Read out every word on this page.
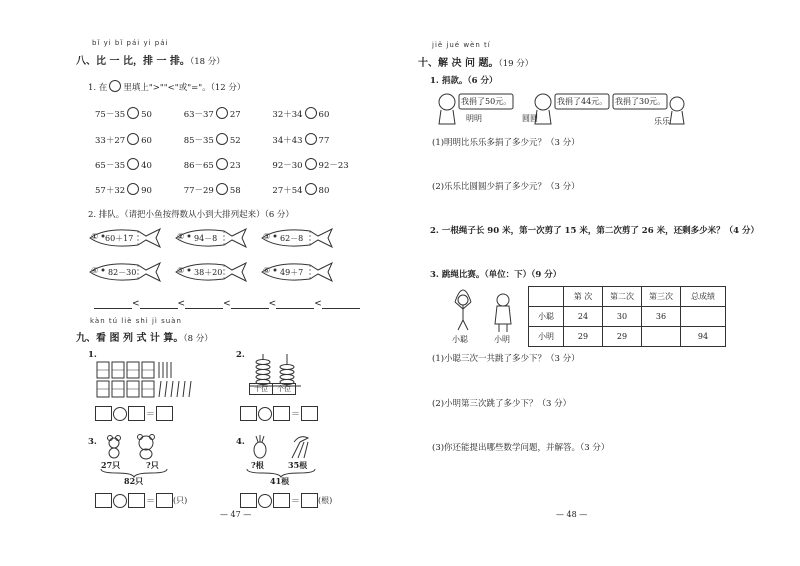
bǐ yi bǐ pái yi pái
八、比 一 比，排 一 排。（18 分）
1. 在 里填上">""<"或"="。（12 分）
75－35 50	63－37 27	32＋34 60
33＋27 60	85－35 52	34＋43 77
65－35 40	86－65 23	92－30 92－23
57＋32 90	77－29 58	27＋54 80
2. 排队。（请把小鱼按得数从小到大排列起来）（6 分）
① 60＋17	② 94－8	③ 62－8
④ 82－30	⑤ 38＋20	⑥ 49＋7
<	<	<	<	<
kàn tú liè shì jì suàn
九、看 图 列 式 计 算。（8 分）
1.
＝
2.
十位	个位
＝
3.
27只	?只
82只
＝ (只)
4.
?根	35根
41根
＝ (根)
— 47 —
jiě jué wèn tí
十、解 决 问 题。（19 分）
1. 捐款。（6 分）
我捐了50元。	我捐了44元。 我捐了30元。
明明	圆圆	乐乐
(1)明明比乐乐多捐了多少元？（3 分）
(2)乐乐比圆圆少捐了多少元？（3 分）
2. 一根绳子长 90 米，第一次剪了 15 米，第二次剪了 26 米，还剩多少米？（4 分）
3. 跳绳比赛。（单位：下）（9 分）
小聪	小明
	第 次	第二次	第三次	总成绩
小聪	24	30	36	
小明	29	29		94
(1)小聪三次一共跳了多少下？（3 分）
(2)小明第三次跳了多少下？（3 分）
(3)你还能提出哪些数学问题，并解答。（3 分）
— 48 —
